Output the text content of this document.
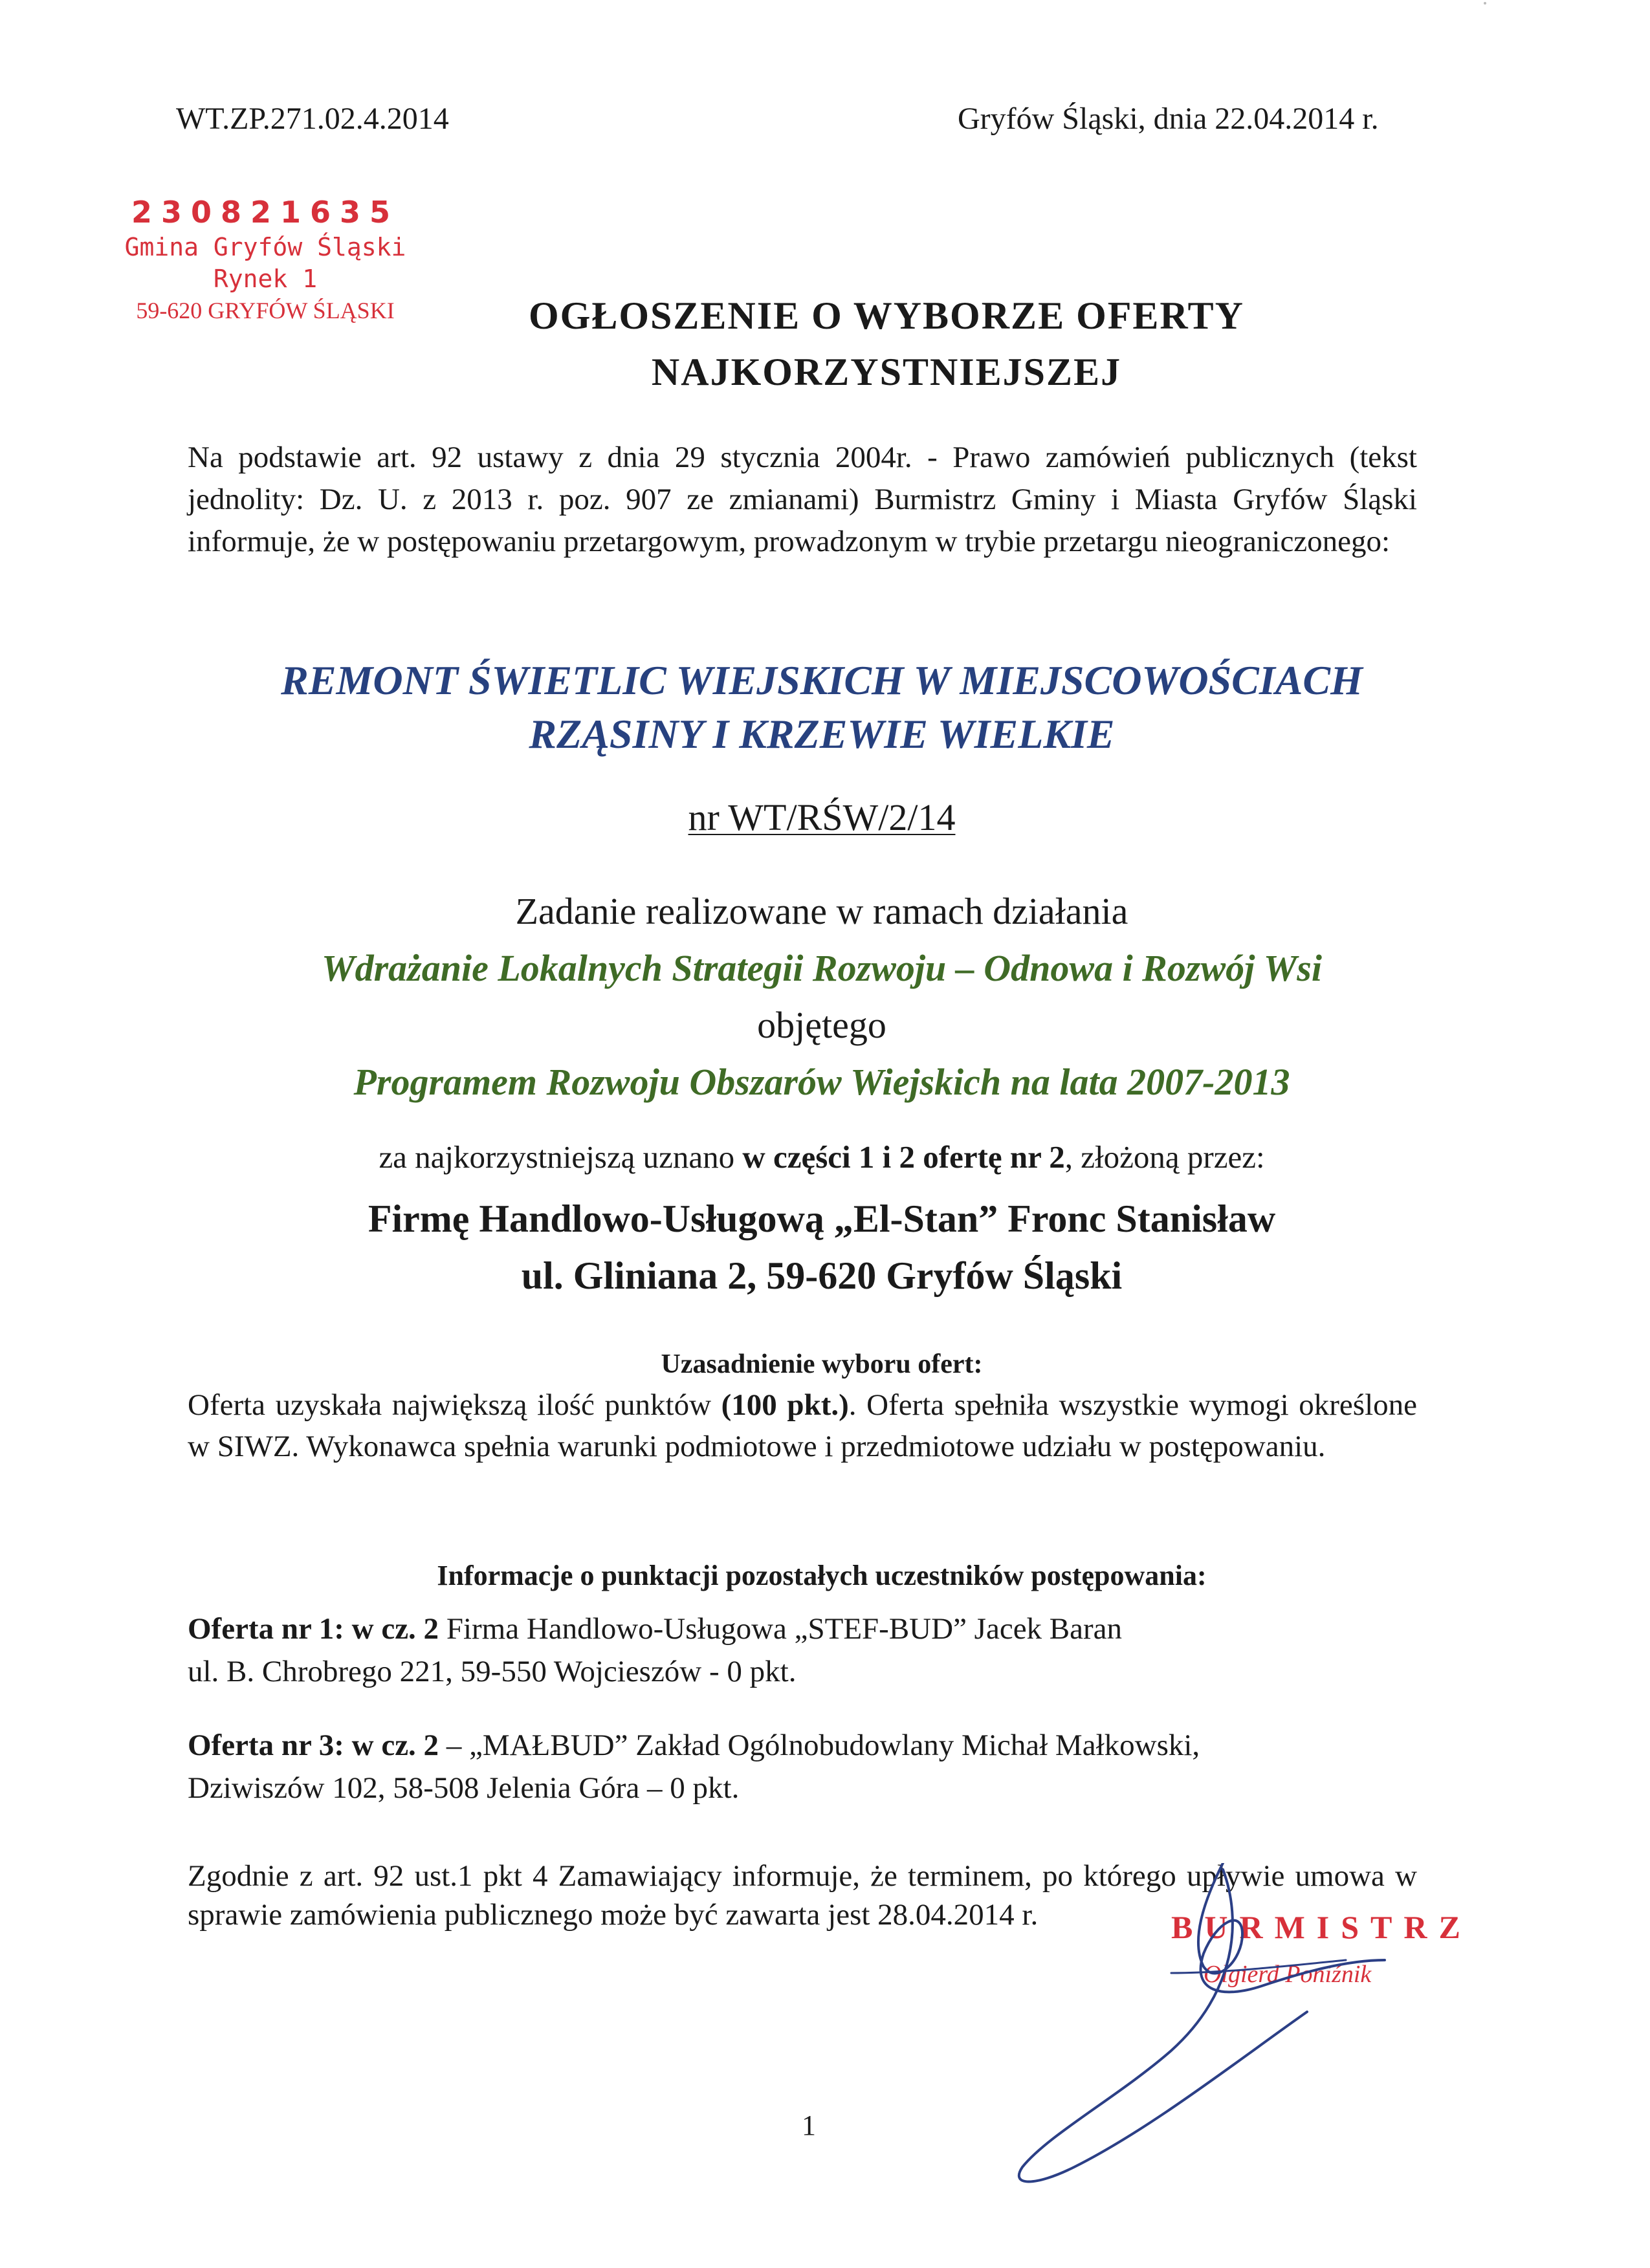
WT.ZP.271.02.4.2014	Gryfów Śląski, dnia 22.04.2014 r.
230821635
Gmina Gryfów Śląski
Rynek 1
59-620 GRYFÓW ŚLĄSKI	OGŁOSZENIE O WYBORZE OFERTY
NAJKORZYSTNIEJSZEJ
Na podstawie art. 92 ustawy z dnia 29 stycznia 2004r. - Prawo zamówień publicznych (tekst jednolity: Dz. U. z 2013 r. poz. 907 ze zmianami) Burmistrz Gminy i Miasta Gryfów Śląski informuje, że w postępowaniu przetargowym, prowadzonym w trybie przetargu nieograniczonego:
REMONT ŚWIETLIC WIEJSKICH W MIEJSCOWOŚCIACH
RZĄSINY I KRZEWIE WIELKIE
nr WT/RŚW/2/14
Zadanie realizowane w ramach działania
Wdrażanie Lokalnych Strategii Rozwoju – Odnowa i Rozwój Wsi
objętego
Programem Rozwoju Obszarów Wiejskich na lata 2007-2013
za najkorzystniejszą uznano w części 1 i 2 ofertę nr 2, złożoną przez:
Firmę Handlowo-Usługową „El-Stan” Fronc Stanisław
ul. Gliniana 2, 59-620 Gryfów Śląski
Uzasadnienie wyboru ofert:
Oferta uzyskała największą ilość punktów (100 pkt.). Oferta spełniła wszystkie wymogi określone w SIWZ. Wykonawca spełnia warunki podmiotowe i przedmiotowe udziału w postępowaniu.
Informacje o punktacji pozostałych uczestników postępowania:
Oferta nr 1: w cz. 2 Firma Handlowo-Usługowa „STEF-BUD” Jacek Baran
ul. B. Chrobrego 221, 59-550 Wojcieszów - 0 pkt.
Oferta nr 3: w cz. 2 – „MAŁBUD” Zakład Ogólnobudowlany Michał Małkowski,
Dziwiszów 102, 58-508 Jelenia Góra – 0 pkt.
Zgodnie z art. 92 ust.1 pkt 4 Zamawiający informuje, że terminem, po którego upływie umowa w sprawie zamówienia publicznego może być zawarta jest 28.04.2014 r.	BURMISTRZ
Olgierd Poniźnik
1
